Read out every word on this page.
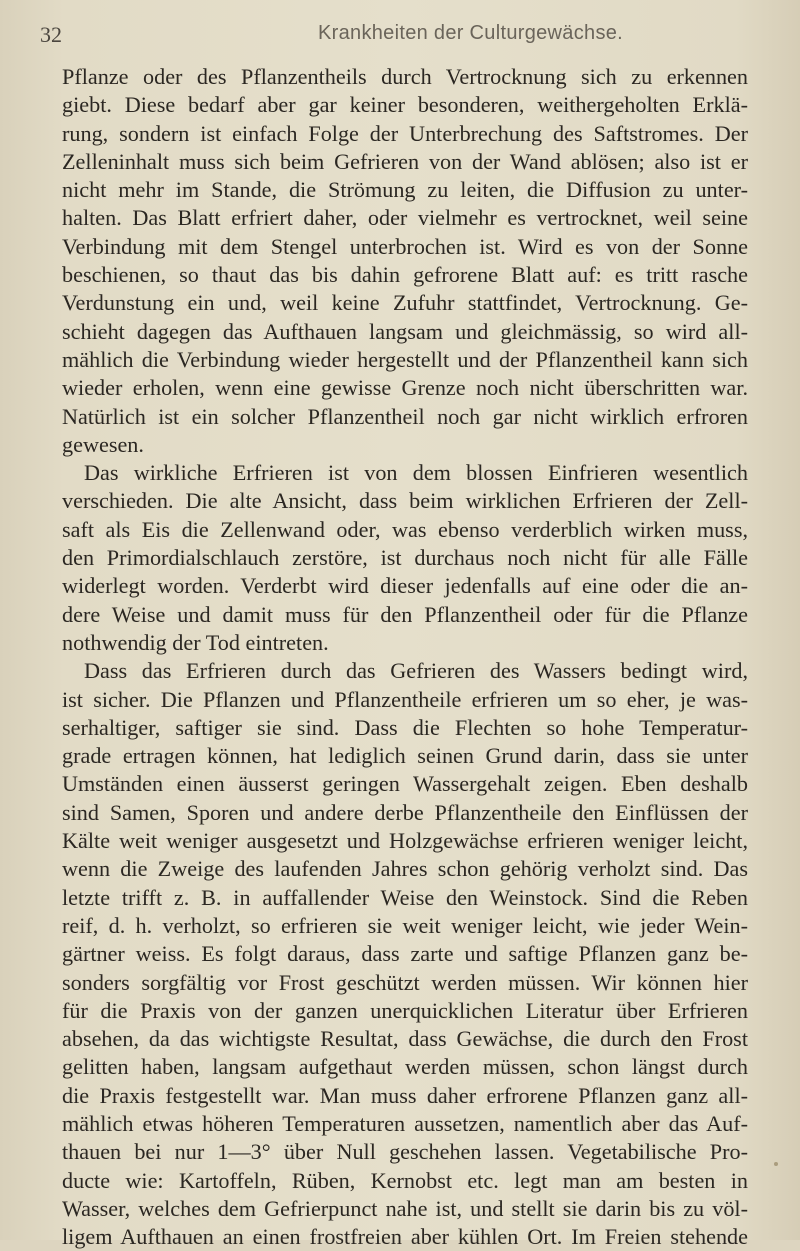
32	Krankheiten der Culturgewächse.
Pflanze oder des Pflanzentheils durch Vertrocknung sich zu erkennen
giebt. Diese bedarf aber gar keiner besonderen, weithergeholten Erklä-
rung, sondern ist einfach Folge der Unterbrechung des Saftstromes. Der
Zelleninhalt muss sich beim Gefrieren von der Wand ablösen; also ist er
nicht mehr im Stande, die Strömung zu leiten, die Diffusion zu unter-
halten. Das Blatt erfriert daher, oder vielmehr es vertrocknet, weil seine
Verbindung mit dem Stengel unterbrochen ist. Wird es von der Sonne
beschienen, so thaut das bis dahin gefrorene Blatt auf: es tritt rasche
Verdunstung ein und, weil keine Zufuhr stattfindet, Vertrocknung. Ge-
schieht dagegen das Aufthauen langsam und gleichmässig, so wird all-
mählich die Verbindung wieder hergestellt und der Pflanzentheil kann sich
wieder erholen, wenn eine gewisse Grenze noch nicht überschritten war.
Natürlich ist ein solcher Pflanzentheil noch gar nicht wirklich erfroren
gewesen.
Das wirkliche Erfrieren ist von dem blossen Einfrieren wesentlich
verschieden. Die alte Ansicht, dass beim wirklichen Erfrieren der Zell-
saft als Eis die Zellenwand oder, was ebenso verderblich wirken muss,
den Primordialschlauch zerstöre, ist durchaus noch nicht für alle Fälle
widerlegt worden. Verderbt wird dieser jedenfalls auf eine oder die an-
dere Weise und damit muss für den Pflanzentheil oder für die Pflanze
nothwendig der Tod eintreten.
Dass das Erfrieren durch das Gefrieren des Wassers bedingt wird,
ist sicher. Die Pflanzen und Pflanzentheile erfrieren um so eher, je was-
serhaltiger, saftiger sie sind. Dass die Flechten so hohe Temperatur-
grade ertragen können, hat lediglich seinen Grund darin, dass sie unter
Umständen einen äusserst geringen Wassergehalt zeigen. Eben deshalb
sind Samen, Sporen und andere derbe Pflanzentheile den Einflüssen der
Kälte weit weniger ausgesetzt und Holzgewächse erfrieren weniger leicht,
wenn die Zweige des laufenden Jahres schon gehörig verholzt sind. Das
letzte trifft z. B. in auffallender Weise den Weinstock. Sind die Reben
reif, d. h. verholzt, so erfrieren sie weit weniger leicht, wie jeder Wein-
gärtner weiss. Es folgt daraus, dass zarte und saftige Pflanzen ganz be-
sonders sorgfältig vor Frost geschützt werden müssen. Wir können hier
für die Praxis von der ganzen unerquicklichen Literatur über Erfrieren
absehen, da das wichtigste Resultat, dass Gewächse, die durch den Frost
gelitten haben, langsam aufgethaut werden müssen, schon längst durch
die Praxis festgestellt war. Man muss daher erfrorene Pflanzen ganz all-
mählich etwas höheren Temperaturen aussetzen, namentlich aber das Auf-
thauen bei nur 1—3° über Null geschehen lassen. Vegetabilische Pro-
ducte wie: Kartoffeln, Rüben, Kernobst etc. legt man am besten in
Wasser, welches dem Gefrierpunct nahe ist, und stellt sie darin bis zu völ-
ligem Aufthauen an einen frostfreien aber kühlen Ort. Im Freien stehende
